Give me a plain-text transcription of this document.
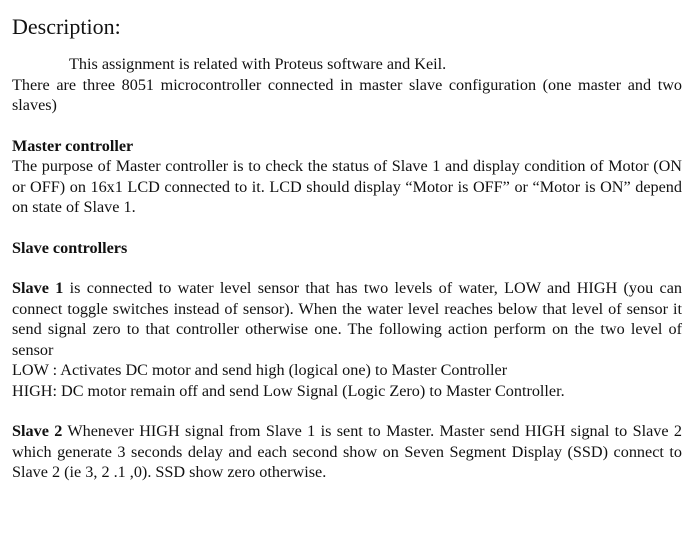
Description:

This assignment is related with Proteus software and Keil.

There are three 8051 microcontroller connected in master slave configuration (one master and two slaves)

Master controller

The purpose of Master controller is to check the status of Slave 1 and display condition of Motor (ON or OFF) on 16x1 LCD connected to it. LCD should display “Motor is OFF” or “Motor is ON” depend on state of Slave 1.

Slave controllers

Slave 1 is connected to water level sensor that has two levels of water, LOW and HIGH (you can connect toggle switches instead of sensor). When the water level reaches below that level of sensor it send signal zero to that controller otherwise one. The following action perform on the two level of sensor

LOW : Activates DC motor and send high (logical one) to Master Controller

HIGH: DC motor remain off and send Low Signal (Logic Zero) to Master Controller.

Slave 2 Whenever HIGH signal from Slave 1 is sent to Master. Master send HIGH signal to Slave 2 which generate 3 seconds delay and each second show on Seven Segment Display (SSD) connect to Slave 2 (ie 3, 2 .1 ,0). SSD show zero otherwise.
